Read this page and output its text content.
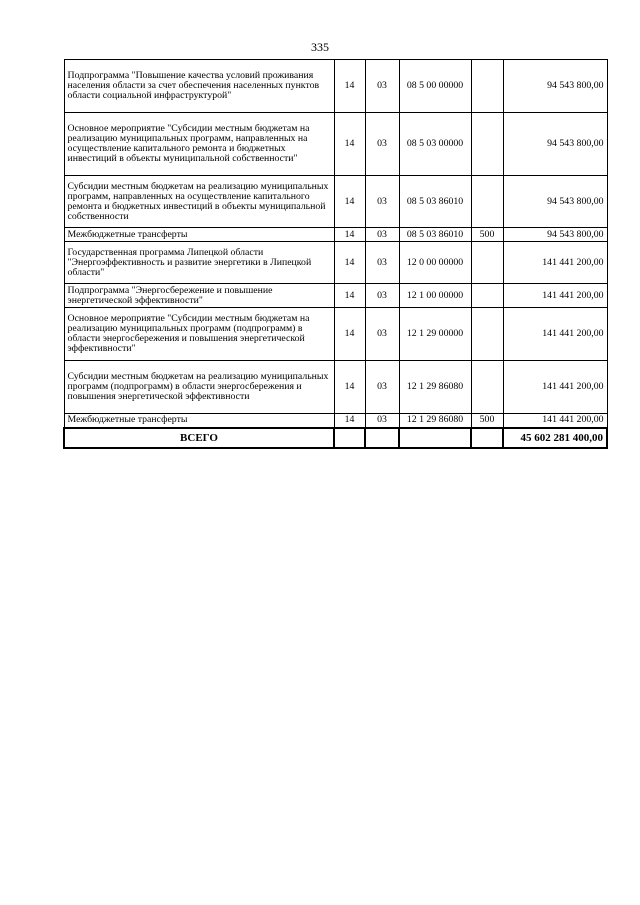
335
Подпрограмма "Повышение качества условий проживания населения области за счет обеспечения населенных пунктов области социальной инфраструктурой"	14	03	08 5 00 00000		94 543 800,00
Основное мероприятие "Субсидии местным бюджетам на реализацию муниципальных программ, направленных на осуществление капитального ремонта и бюджетных инвестиций в объекты муниципальной собственности"	14	03	08 5 03 00000		94 543 800,00
Субсидии местным бюджетам на реализацию муниципальных программ, направленных на осуществление капитального ремонта и бюджетных инвестиций в объекты муниципальной собственности	14	03	08 5 03 86010		94 543 800,00
Межбюджетные трансферты	14	03	08 5 03 86010	500	94 543 800,00
Государственная программа Липецкой области "Энергоэффективность и развитие энергетики в Липецкой области"	14	03	12 0 00 00000		141 441 200,00
Подпрограмма "Энергосбережение и повышение энергетической эффективности"	14	03	12 1 00 00000		141 441 200,00
Основное мероприятие "Субсидии местным бюджетам на реализацию муниципальных программ (подпрограмм) в области энергосбережения и повышения энергетической эффективности"	14	03	12 1 29 00000		141 441 200,00
Субсидии местным бюджетам на реализацию муниципальных программ (подпрограмм) в области энергосбережения и повышения энергетической эффективности	14	03	12 1 29 86080		141 441 200,00
Межбюджетные трансферты	14	03	12 1 29 86080	500	141 441 200,00
ВСЕГО					45 602 281 400,00
